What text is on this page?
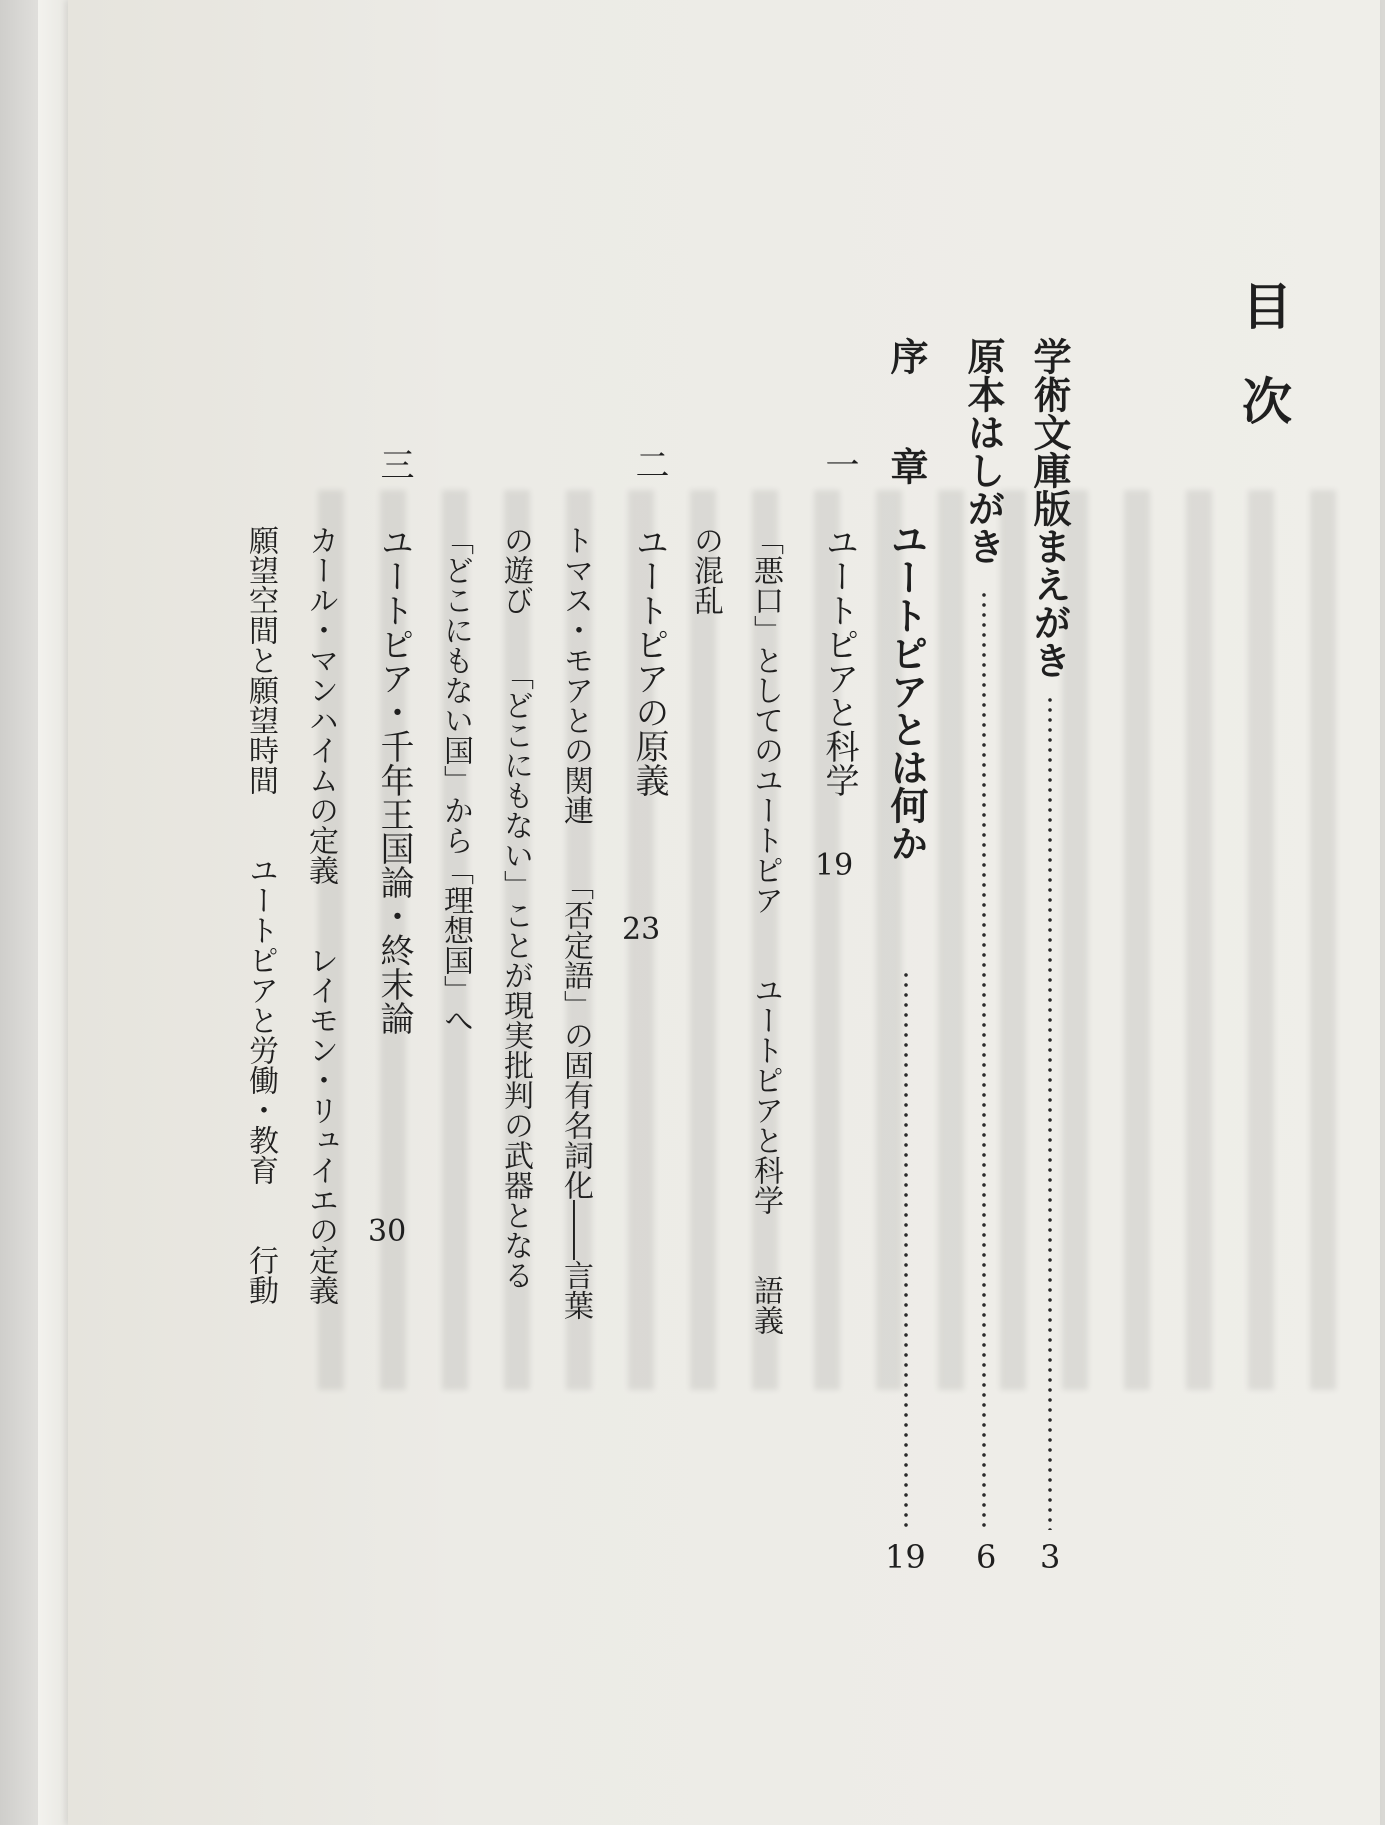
目
次
学術文庫版まえがき
3
原本はしがき
6
序
章
ユートピアとは何か
19
一
ユートピアと科学
19
「悪口」としてのユートピア　　ユートピアと科学　　語義
の混乱
二
ユートピアの原義
23
トマス・モアとの関連　　「否定語」の固有名詞化――言葉
の遊び　　「どこにもない」ことが現実批判の武器となる
「どこにもない国」から「理想国」へ
三
ユートピア・千年王国論・終末論
30
カール・マンハイムの定義　　レイモン・リュイエの定義
願望空間と願望時間　　ユートピアと労働・教育　　行動
